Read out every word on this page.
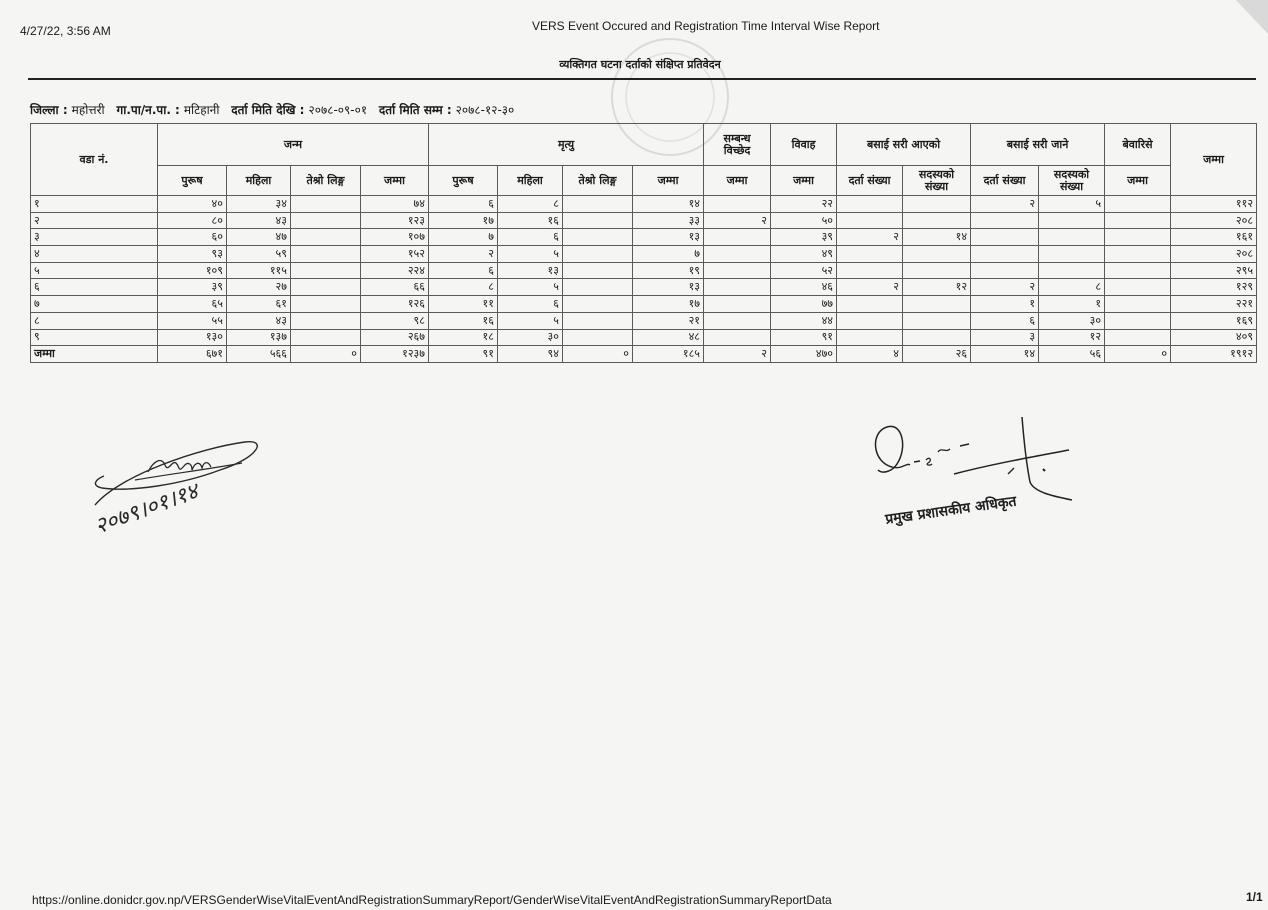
4/27/22, 3:56 AM	VERS Event Occured and Registration Time Interval Wise Report
व्यक्तिगत घटना दर्ताको संक्षिप्त प्रतिवेदन
जिल्ला : महोत्तरी गा.पा/न.पा. : मटिहानी दर्ता मिति देखि : २०७८-०९-०१ दर्ता मिति सम्म : २०७८-१२-३०
वडा नं.	जन्म				मृत्यु				सम्बन्ध विच्छेद	विवाह	बसाई सरी आएको		बसाई सरी जाने		बेवारिसे	जम्मा
	पुरूष	महिला	तेश्रो लिङ्ग	जम्मा	पुरूष	महिला	तेश्रो लिङ्ग	जम्मा	जम्मा	जम्मा	दर्ता संख्या	सदस्यको संख्या	दर्ता संख्या	सदस्यको संख्या	जम्मा	
१	४०	३४		७४	६	८		१४		२२			२	५		११२
२	८०	४३		१२३	१७	१६		३३	२	५०						२०८
३	६०	४७		१०७	७	६		१३		३९	२	१४				१६१
४	९३	५९		१५२	२	५		७		४९						२०८
५	१०९	११५		२२४	६	१३		१९		५२						२९५
६	३९	२७		६६	८	५		१३		४६	२	१२	२	८		१२९
७	६५	६१		१२६	११	६		१७		७७			१	१		२२१
८	५५	४३		९८	१६	५		२१		४४			६	३०		१६९
९	१३०	१३७		२६७	१८	३०		४८		९१			३	१२		४०९
जम्मा	६७१	५६६	०	१२३७	९१	९४	०	१८५	२	४७०	४	२६	१४	५६	०	१९१२
२०७९।०१।१४	प्रमुख प्रशासकीय अधिकृत
https://online.donidcr.gov.np/VERSGenderWiseVitalEventAndRegistrationSummaryReport/GenderWiseVitalEventAndRegistrationSummaryReportData	1/1
